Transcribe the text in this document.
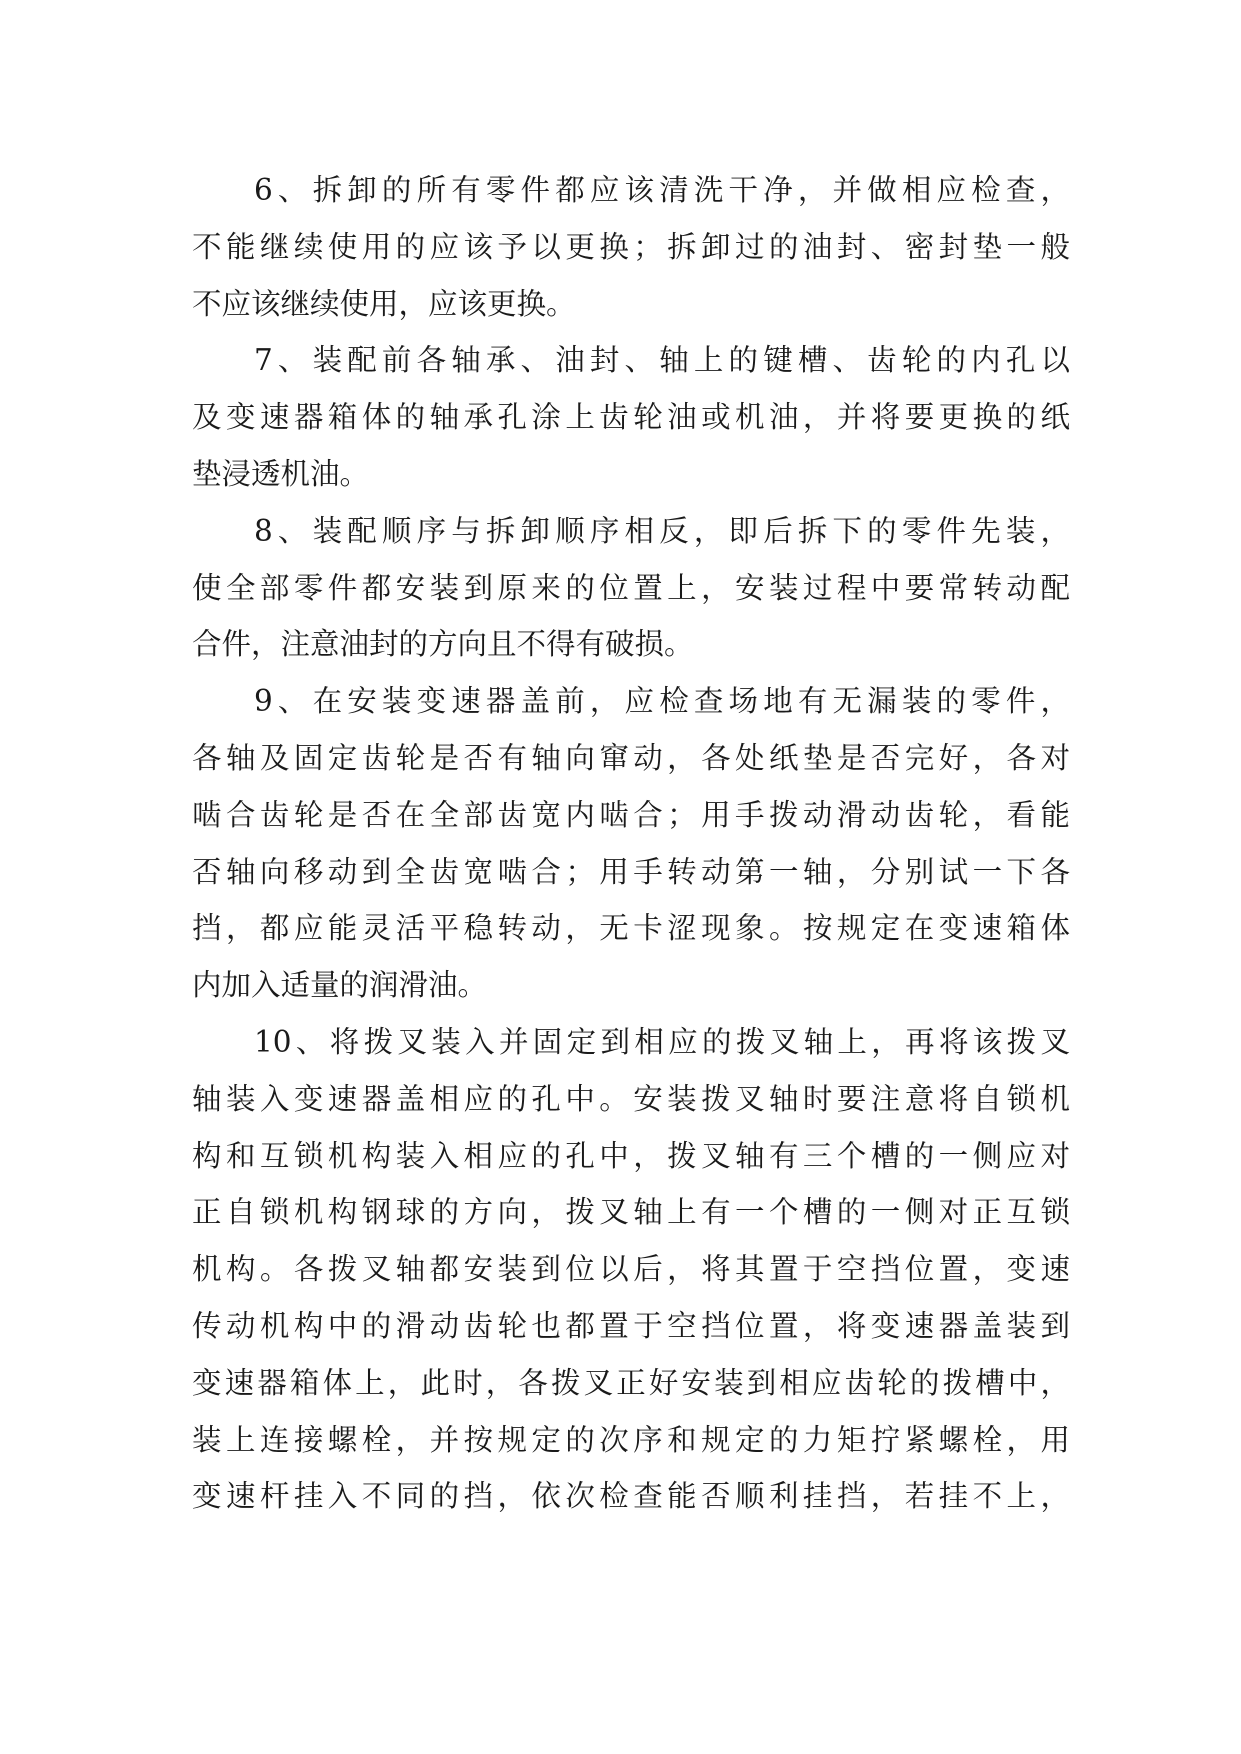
6、拆卸的所有零件都应该清洗干净，并做相应检查，
不能继续使用的应该予以更换；拆卸过的油封、密封垫一般
不应该继续使用，应该更换。
7、装配前各轴承、油封、轴上的键槽、齿轮的内孔以
及变速器箱体的轴承孔涂上齿轮油或机油，并将要更换的纸
垫浸透机油。
8、装配顺序与拆卸顺序相反，即后拆下的零件先装，
使全部零件都安装到原来的位置上，安装过程中要常转动配
合件，注意油封的方向且不得有破损。
9、在安装变速器盖前，应检查场地有无漏装的零件，
各轴及固定齿轮是否有轴向窜动，各处纸垫是否完好，各对
啮合齿轮是否在全部齿宽内啮合；用手拨动滑动齿轮，看能
否轴向移动到全齿宽啮合；用手转动第一轴，分别试一下各
挡，都应能灵活平稳转动，无卡涩现象。按规定在变速箱体
内加入适量的润滑油。
10、将拨叉装入并固定到相应的拨叉轴上，再将该拨叉
轴装入变速器盖相应的孔中。安装拨叉轴时要注意将自锁机
构和互锁机构装入相应的孔中，拨叉轴有三个槽的一侧应对
正自锁机构钢球的方向，拨叉轴上有一个槽的一侧对正互锁
机构。各拨叉轴都安装到位以后，将其置于空挡位置，变速
传动机构中的滑动齿轮也都置于空挡位置，将变速器盖装到
变速器箱体上，此时，各拨叉正好安装到相应齿轮的拨槽中，
装上连接螺栓，并按规定的次序和规定的力矩拧紧螺栓，用
变速杆挂入不同的挡，依次检查能否顺利挂挡，若挂不上，
